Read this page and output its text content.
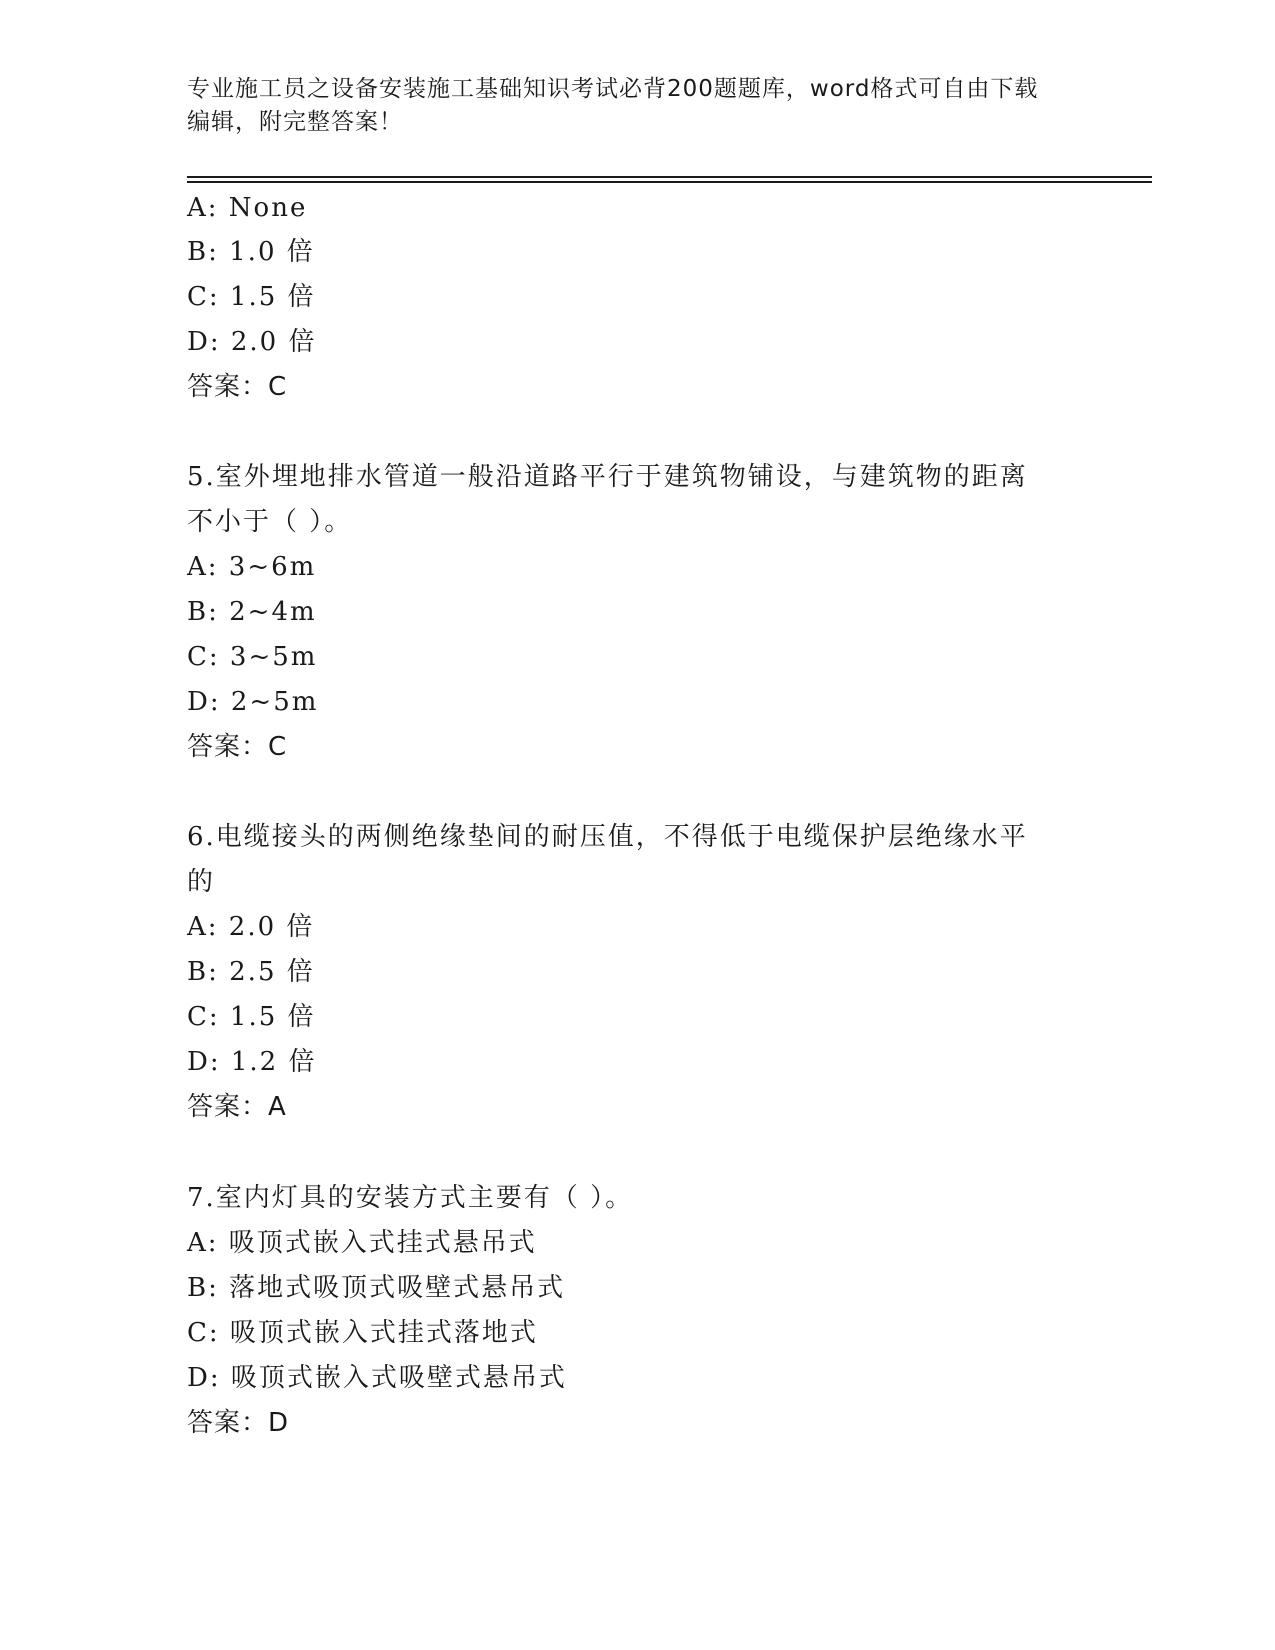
专业施工员之设备安装施工基础知识考试必背200题题库，word格式可自由下载
编辑，附完整答案！
A: None
B: 1.0 倍
C: 1.5 倍
D: 2.0 倍
答案：C
5.室外埋地排水管道一般沿道路平行于建筑物铺设，与建筑物的距离
不小于（ ）。
A: 3~6m
B: 2~4m
C: 3~5m
D: 2~5m
答案：C
6.电缆接头的两侧绝缘垫间的耐压值，不得低于电缆保护层绝缘水平
的
A: 2.0 倍
B: 2.5 倍
C: 1.5 倍
D: 1.2 倍
答案：A
7.室内灯具的安装方式主要有（ ）。
A: 吸顶式嵌入式挂式悬吊式
B: 落地式吸顶式吸壁式悬吊式
C: 吸顶式嵌入式挂式落地式
D: 吸顶式嵌入式吸壁式悬吊式
答案：D
